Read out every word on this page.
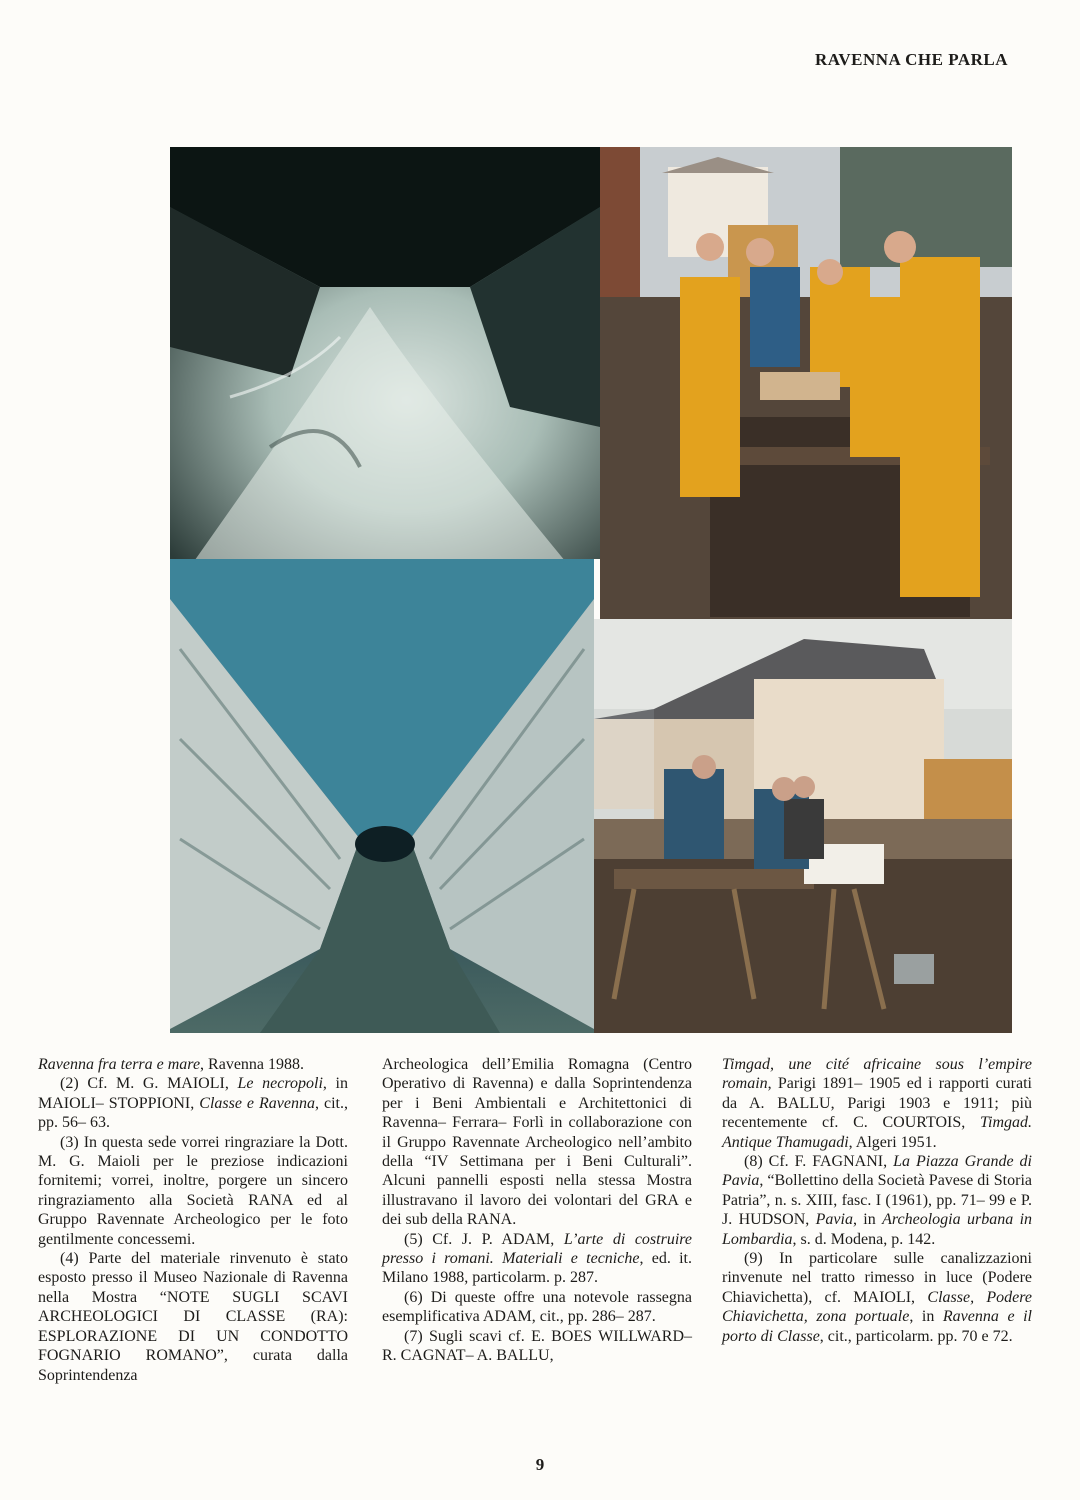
RAVENNA CHE PARLA

Ravenna fra terra e mare, Ravenna 1988.

(2) Cf. M. G. MAIOLI, Le necropoli, in MAIOLI– STOPPIONI, Classe e Ravenna, cit., pp. 56– 63.

(3) In questa sede vorrei ringraziare la Dott. M. G. Maioli per le preziose indicazioni fornitemi; vorrei, inoltre, porgere un sincero ringraziamento alla Società RANA ed al Gruppo Ravennate Archeologico per le foto gentilmente concessemi.

(4) Parte del materiale rinvenuto è stato esposto presso il Museo Nazionale di Ravenna nella Mostra “NOTE SUGLI SCAVI ARCHEOLOGICI DI CLASSE (RA): ESPLORAZIONE DI UN CONDOTTO FOGNARIO ROMANO”, curata dalla Soprintendenza

Archeologica dell’Emilia Romagna (Centro Operativo di Ravenna) e dalla Soprintendenza per i Beni Ambientali e Architettonici di Ravenna– Ferrara– Forlì in collaborazione con il Gruppo Ravennate Archeologico nell’ambito della “IV Settimana per i Beni Culturali”. Alcuni pannelli esposti nella stessa Mostra illustravano il lavoro dei volontari del GRA e dei sub della RANA.

(5) Cf. J. P. ADAM, L’arte di costruire presso i romani. Materiali e tecniche, ed. it. Milano 1988, particolarm. p. 287.

(6) Di queste offre una notevole rassegna esemplificativa ADAM, cit., pp. 286– 287.

(7) Sugli scavi cf. E. BOES WILLWARD– R. CAGNAT– A. BALLU,

Timgad, une cité africaine sous l’empire romain, Parigi 1891– 1905 ed i rapporti curati da A. BALLU, Parigi 1903 e 1911; più recentemente cf. C. COURTOIS, Timgad. Antique Thamugadi, Algeri 1951.

(8) Cf. F. FAGNANI, La Piazza Grande di Pavia, “Bollettino della Società Pavese di Storia Patria”, n. s. XIII, fasc. I (1961), pp. 71– 99 e P. J. HUDSON, Pavia, in Archeologia urbana in Lombardia, s. d. Modena, p. 142.

(9) In particolare sulle canalizzazioni rinvenute nel tratto rimesso in luce (Podere Chiavichetta), cf. MAIOLI, Classe, Podere Chiavichetta, zona portuale, in Ravenna e il porto di Classe, cit., particolarm. pp. 70 e 72.

9
